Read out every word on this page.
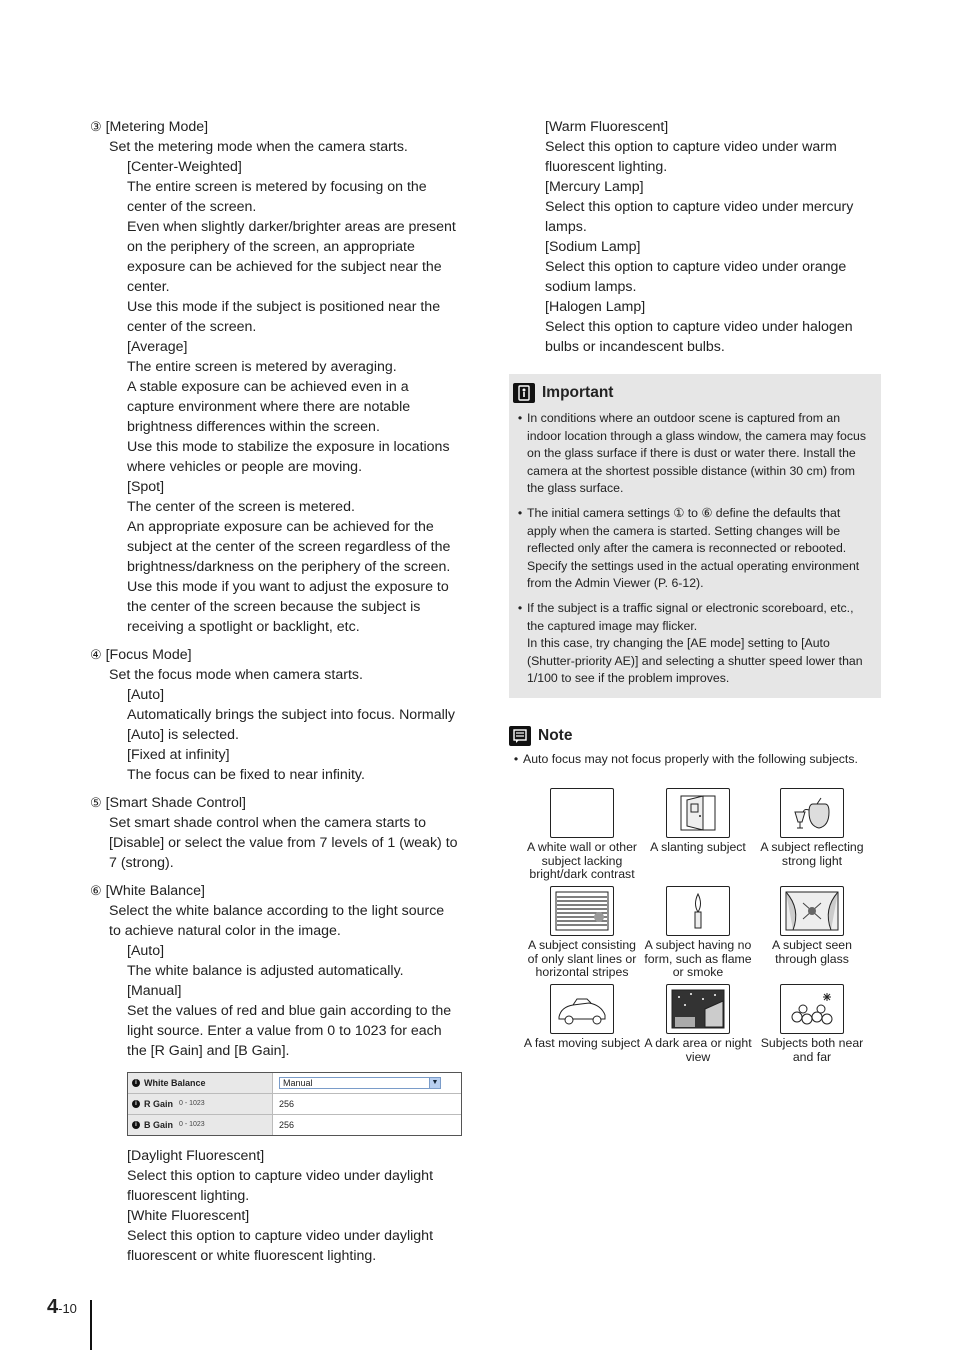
③ [Metering Mode]
Set the metering mode when the camera starts.
[Center-Weighted]
The entire screen is metered by focusing on the
center of the screen.
Even when slightly darker/brighter areas are present
on the periphery of the screen, an appropriate
exposure can be achieved for the subject near the
center.
Use this mode if the subject is positioned near the
center of the screen.
[Average]
The entire screen is metered by averaging.
A stable exposure can be achieved even in a
capture environment where there are notable
brightness differences within the screen.
Use this mode to stabilize the exposure in locations
where vehicles or people are moving.
[Spot]
The center of the screen is metered.
An appropriate exposure can be achieved for the
subject at the center of the screen regardless of the
brightness/darkness on the periphery of the screen.
Use this mode if you want to adjust the exposure to
the center of the screen because the subject is
receiving a spotlight or backlight, etc.
④ [Focus Mode]
Set the focus mode when camera starts.
[Auto]
Automatically brings the subject into focus. Normally
[Auto] is selected.
[Fixed at infinity]
The focus can be fixed to near infinity.
⑤ [Smart Shade Control]
Set smart shade control when the camera starts to
[Disable] or select the value from 7 levels of 1 (weak) to
7 (strong).
⑥ [White Balance]
Select the white balance according to the light source
to achieve natural color in the image.
[Auto]
The white balance is adjusted automatically.
[Manual]
Set the values of red and blue gain according to the
light source. Enter a value from 0 to 1023 for each
the [R Gain] and [B Gain].
i White Balance	Manual	▼
i R Gain 0 - 1023	256
i B Gain 0 - 1023	256
[Daylight Fluorescent]
Select this option to capture video under daylight
fluorescent lighting.
[White Fluorescent]
Select this option to capture video under daylight
fluorescent or white fluorescent lighting.
[Warm Fluorescent]
Select this option to capture video under warm
fluorescent lighting.
[Mercury Lamp]
Select this option to capture video under mercury
lamps.
[Sodium Lamp]
Select this option to capture video under orange
sodium lamps.
[Halogen Lamp]
Select this option to capture video under halogen
bulbs or incandescent bulbs.
Important
• In conditions where an outdoor scene is captured from an indoor location through a glass window, the camera may focus on the glass surface if there is dust or water there. Install the camera at the shortest possible distance (within 30 cm) from the glass surface.
• The initial camera settings ① to ⑥ define the defaults that apply when the camera is started. Setting changes will be reflected only after the camera is reconnected or rebooted. Specify the settings used in the actual operating environment from the Admin Viewer (P. 6-12).
• If the subject is a traffic signal or electronic scoreboard, etc., the captured image may flicker.
In this case, try changing the [AE mode] setting to [Auto (Shutter-priority AE)] and selecting a shutter speed lower than 1/100 to see if the problem improves.
Note
• Auto focus may not focus properly with the following subjects.
A white wall or other subject lacking bright/dark contrast
A slanting subject	A subject reflecting strong light
A subject consisting of only slant lines or horizontal stripes
A subject having no form, such as flame or smoke
A subject seen through glass
A fast moving subject A dark area or night view
Subjects both near and far
4-10
